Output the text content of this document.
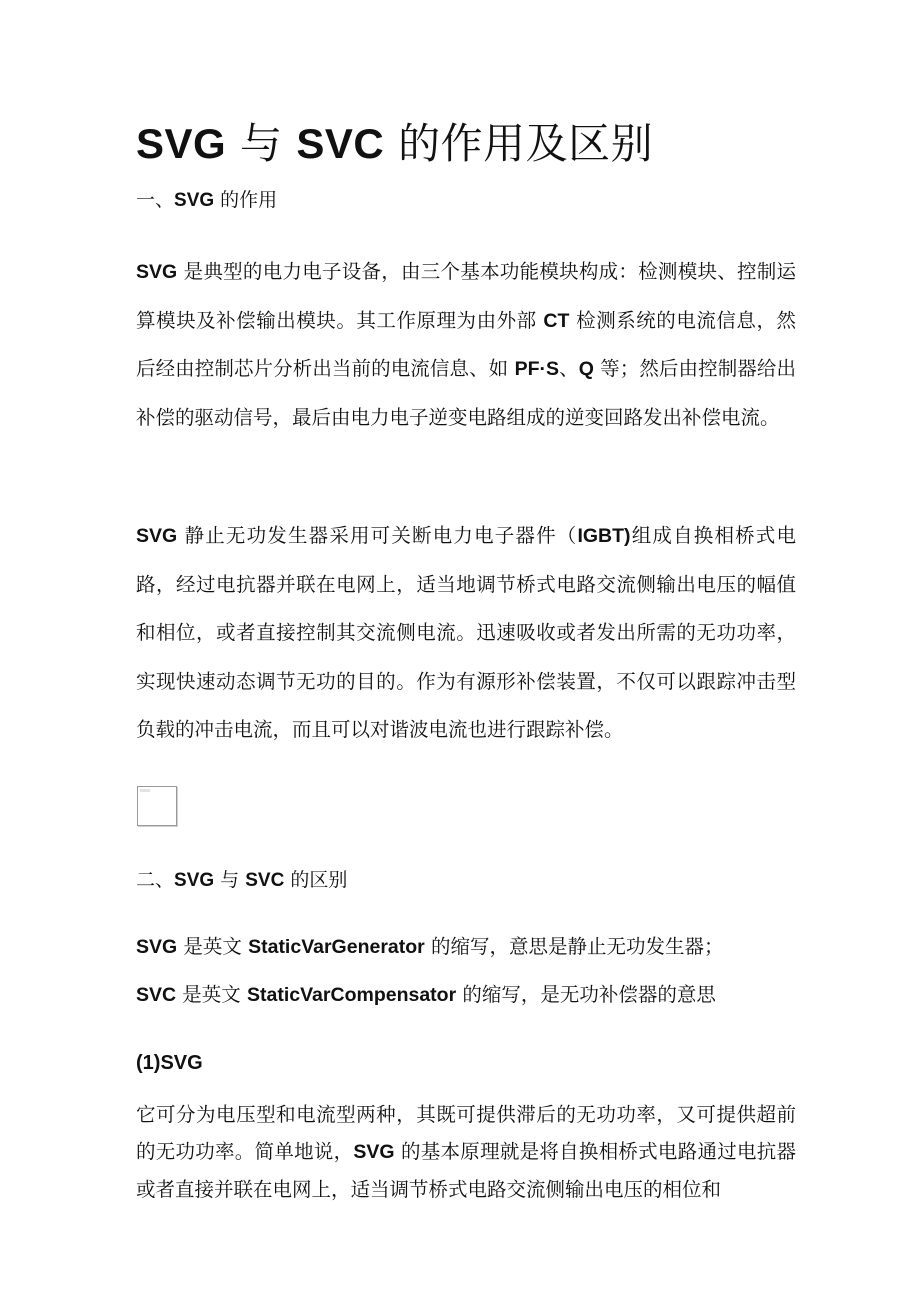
SVG 与 SVC 的作用及区别
一、SVG 的作用

SVG 是典型的电力电子设备，由三个基本功能模块构成：检测模块、控制运算模块及补偿输出模块。其工作原理为由外部 CT 检测系统的电流信息，然后经由控制芯片分析出当前的电流信息、如 PF·S、Q 等；然后由控制器给出补偿的驱动信号，最后由电力电子逆变电路组成的逆变回路发出补偿电流。

SVG 静止无功发生器采用可关断电力电子器件（IGBT)组成自换相桥式电路，经过电抗器并联在电网上，适当地调节桥式电路交流侧输出电压的幅值和相位，或者直接控制其交流侧电流。迅速吸收或者发出所需的无功功率，实现快速动态调节无功的目的。作为有源形补偿装置，不仅可以跟踪冲击型负载的冲击电流，而且可以对谐波电流也进行跟踪补偿。

二、SVG 与 SVC 的区别

SVG 是英文 StaticVarGenerator 的缩写，意思是静止无功发生器；

SVC 是英文 StaticVarCompensator 的缩写，是无功补偿器的意思

(1)SVG

它可分为电压型和电流型两种，其既可提供滞后的无功功率，又可提供超前的无功功率。简单地说，SVG 的基本原理就是将自换相桥式电路通过电抗器或者直接并联在电网上，适当调节桥式电路交流侧输出电压的相位和
